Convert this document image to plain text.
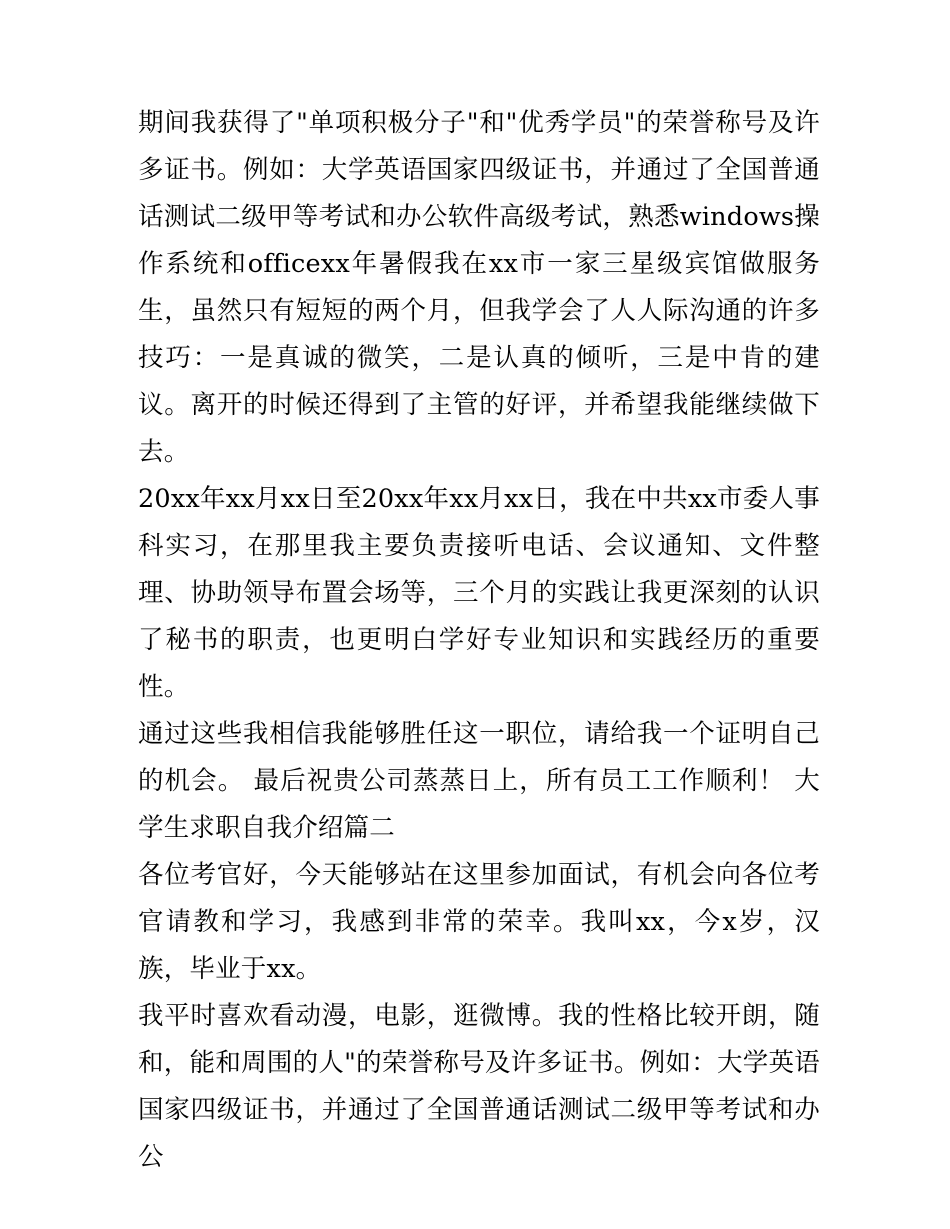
期间我获得了"单项积极分子"和"优秀学员"的荣誉称号及许多证书。例如：大学英语国家四级证书，并通过了全国普通话测试二级甲等考试和办公软件高级考试，熟悉windows操作系统和officexx年暑假我在xx市一家三星级宾馆做服务生，虽然只有短短的两个月，但我学会了人人际沟通的许多技巧：一是真诚的微笑，二是认真的倾听，三是中肯的建议。离开的时候还得到了主管的好评，并希望我能继续做下去。

20xx年xx月xx日至20xx年xx月xx日，我在中共xx市委人事科实习，在那里我主要负责接听电话、会议通知、文件整理、协助领导布置会场等，三个月的实践让我更深刻的认识了秘书的职责，也更明白学好专业知识和实践经历的重要性。

通过这些我相信我能够胜任这一职位，请给我一个证明自己的机会。 最后祝贵公司蒸蒸日上，所有员工工作顺利！ 大学生求职自我介绍篇二

各位考官好，今天能够站在这里参加面试，有机会向各位考官请教和学习，我感到非常的荣幸。我叫xx，今x岁，汉族，毕业于xx。

我平时喜欢看动漫，电影，逛微博。我的性格比较开朗，随和，能和周围的人"的荣誉称号及许多证书。例如：大学英语国家四级证书，并通过了全国普通话测试二级甲等考试和办公
